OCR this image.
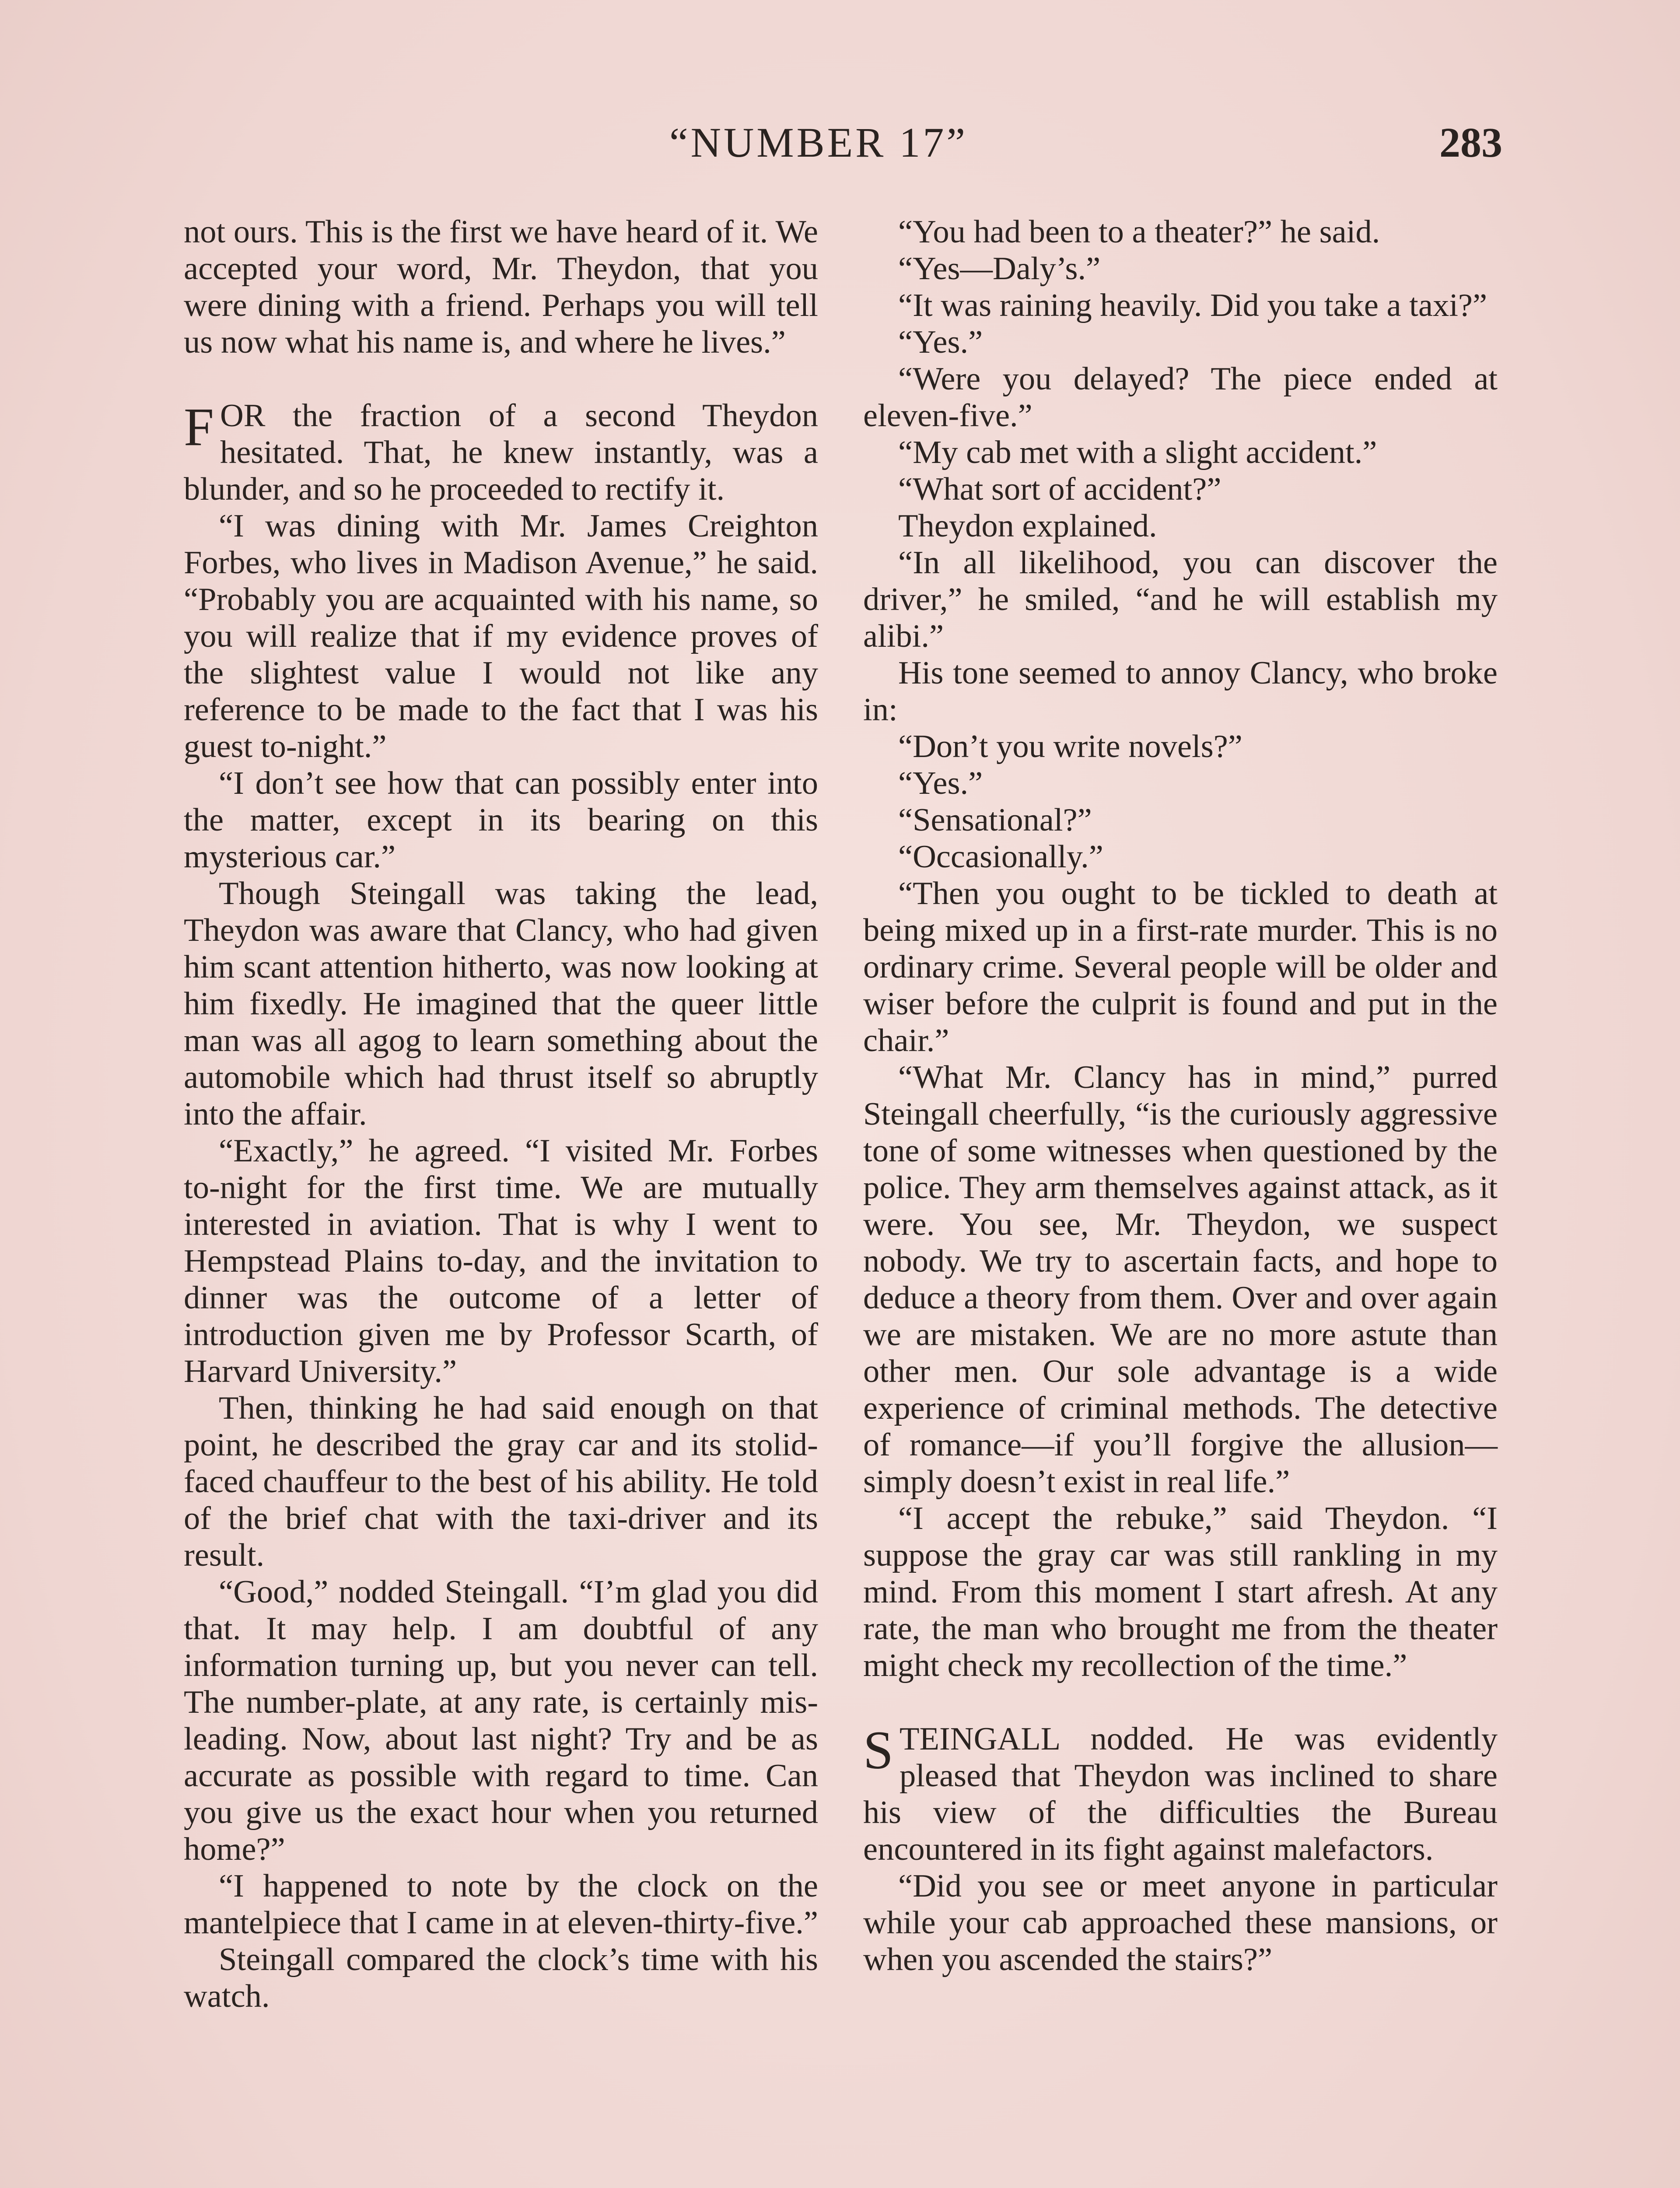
“NUMBER 17”	283

not ours. This is the first we have heard of it. We accepted your word, Mr. Theydon, that you were dining with a friend. Perhaps you will tell us now what his name is, and where he lives.”

FOR the fraction of a second Theydon hesitated. That, he knew instantly, was a blunder, and so he proceeded to rectify it.

“I was dining with Mr. James Creighton Forbes, who lives in Madison Avenue,” he said. “Probably you are acquainted with his name, so you will realize that if my evidence proves of the slightest value I would not like any reference to be made to the fact that I was his guest to-night.”

“I don’t see how that can possibly enter into the matter, except in its bearing on this mysterious car.”

Though Steingall was taking the lead, Theydon was aware that Clancy, who had given him scant attention hitherto, was now looking at him fixedly. He imagined that the queer little man was all agog to learn something about the automobile which had thrust itself so abruptly into the affair.

“Exactly,” he agreed. “I visited Mr. Forbes to-night for the first time. We are mutually interested in aviation. That is why I went to Hempstead Plains to-day, and the invitation to dinner was the outcome of a letter of introduction given me by Professor Scarth, of Harvard University.”

Then, thinking he had said enough on that point, he described the gray car and its stolid-faced chauffeur to the best of his ability. He told of the brief chat with the taxi-driver and its result.

“Good,” nodded Steingall. “I’m glad you did that. It may help. I am doubtful of any information turning up, but you never can tell. The number-plate, at any rate, is certainly misleading. Now, about last night? Try and be as accurate as possible with regard to time. Can you give us the exact hour when you returned home?”

“I happened to note by the clock on the mantelpiece that I came in at eleven-thirty-five.”

Steingall compared the clock’s time with his watch.

“You had been to a theater?” he said.

“Yes—Daly’s.”

“It was raining heavily. Did you take a taxi?”

“Yes.”

“Were you delayed? The piece ended at eleven-five.”

“My cab met with a slight accident.”

“What sort of accident?”

Theydon explained.

“In all likelihood, you can discover the driver,” he smiled, “and he will establish my alibi.”

His tone seemed to annoy Clancy, who broke in:

“Don’t you write novels?”

“Yes.”

“Sensational?”

“Occasionally.”

“Then you ought to be tickled to death at being mixed up in a first-rate murder. This is no ordinary crime. Several people will be older and wiser before the culprit is found and put in the chair.”

“What Mr. Clancy has in mind,” purred Steingall cheerfully, “is the curiously aggressive tone of some witnesses when questioned by the police. They arm themselves against attack, as it were. You see, Mr. Theydon, we suspect nobody. We try to ascertain facts, and hope to deduce a theory from them. Over and over again we are mistaken. We are no more astute than other men. Our sole advantage is a wide experience of criminal methods. The detective of romance—if you’ll forgive the allusion—simply doesn’t exist in real life.”

“I accept the rebuke,” said Theydon. “I suppose the gray car was still rankling in my mind. From this moment I start afresh. At any rate, the man who brought me from the theater might check my recollection of the time.”

STEINGALL nodded. He was evidently pleased that Theydon was inclined to share his view of the difficulties the Bureau encountered in its fight against malefactors.

“Did you see or meet anyone in particular while your cab approached these mansions, or when you ascended the stairs?”
